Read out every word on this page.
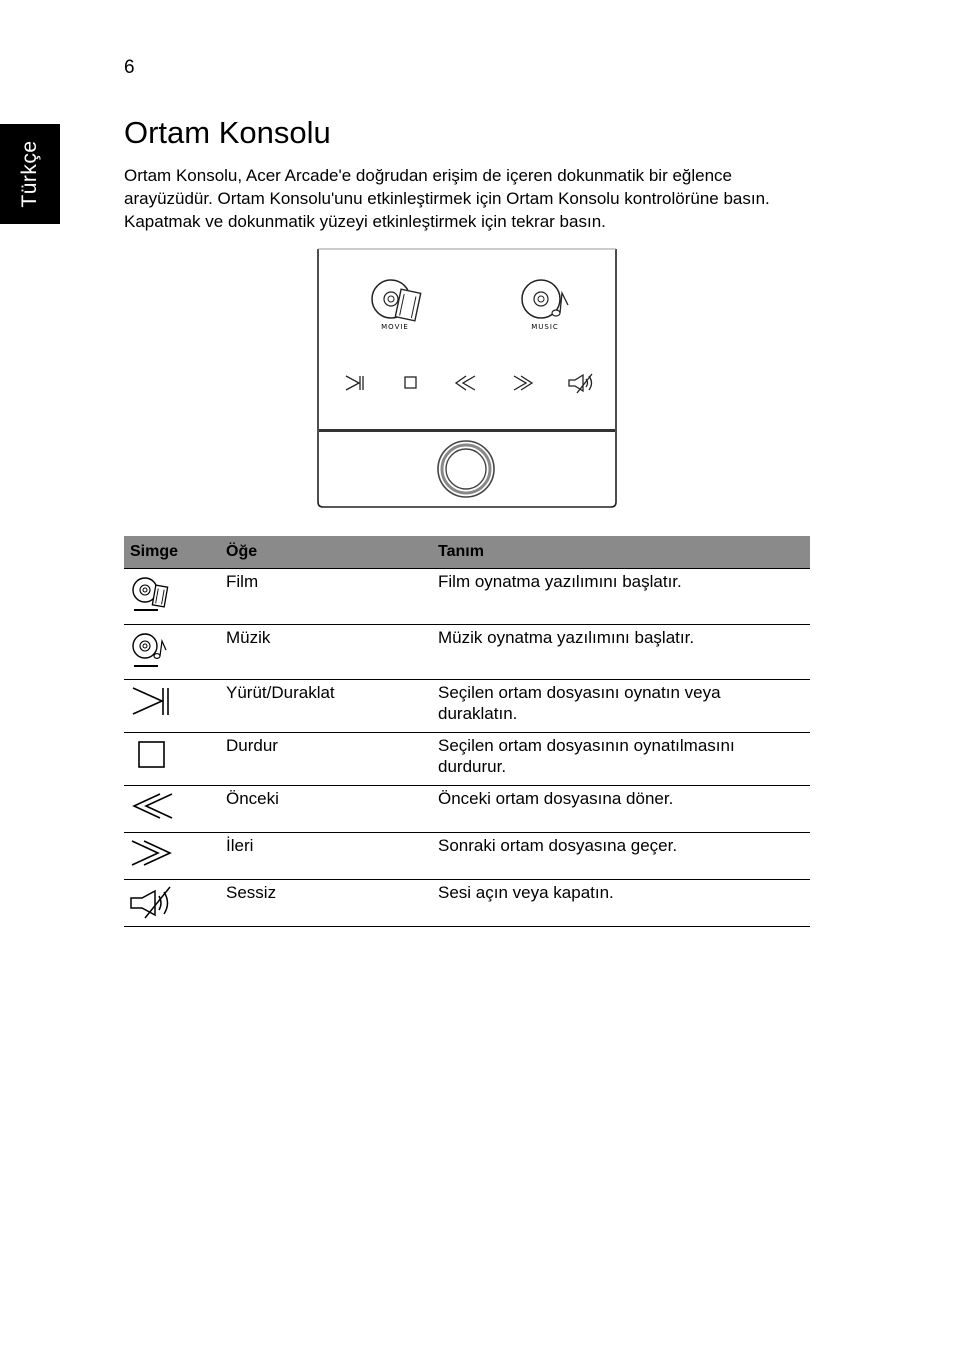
6
Türkçe
Ortam Konsolu

Ortam Konsolu, Acer Arcade'e doğrudan erişim de içeren dokunmatik bir eğlence arayüzüdür. Ortam Konsolu'unu etkinleştirmek için Ortam Konsolu kontrolörüne basın. Kapatmak ve dokunmatik yüzeyi etkinleştirmek için tekrar basın.

MOVIE	MUSIC
Simge	Öğe	Tanım

	Film	Film oynatma yazılımını başlatır.

	Müzik	Müzik oynatma yazılımını başlatır.

	Yürüt/Duraklat	Seçilen ortam dosyasını oynatın veya duraklatın.

	Durdur	Seçilen ortam dosyasının oynatılmasını durdurur.

	Önceki	Önceki ortam dosyasına döner.

	İleri	Sonraki ortam dosyasına geçer.

	Sessiz	Sesi açın veya kapatın.
